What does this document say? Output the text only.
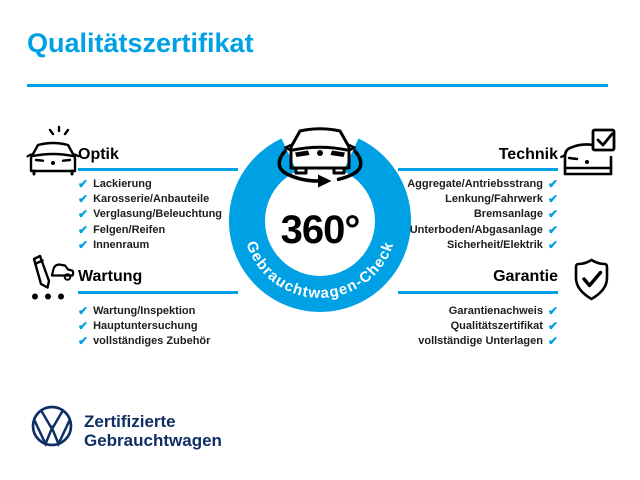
Qualitätszertifikat
Optik
✔ Lackierung
✔ Karosserie/Anbauteile
✔ Verglasung/Beleuchtung
✔ Felgen/Reifen
✔ Innenraum
Technik
Aggregate/Antriebsstrang ✔
Lenkung/Fahrwerk ✔
Bremsanlage ✔
Unterboden/Abgasanlage ✔
Sicherheit/Elektrik ✔
Wartung
✔ Wartung/Inspektion
✔ Hauptuntersuchung
✔ vollständiges Zubehör
Garantie
Garantienachweis ✔
Qualitätszertifikat ✔
vollständige Unterlagen ✔
Zertifizierte
Gebrauchtwagen
Gebrauchtwagen-Check
360°
